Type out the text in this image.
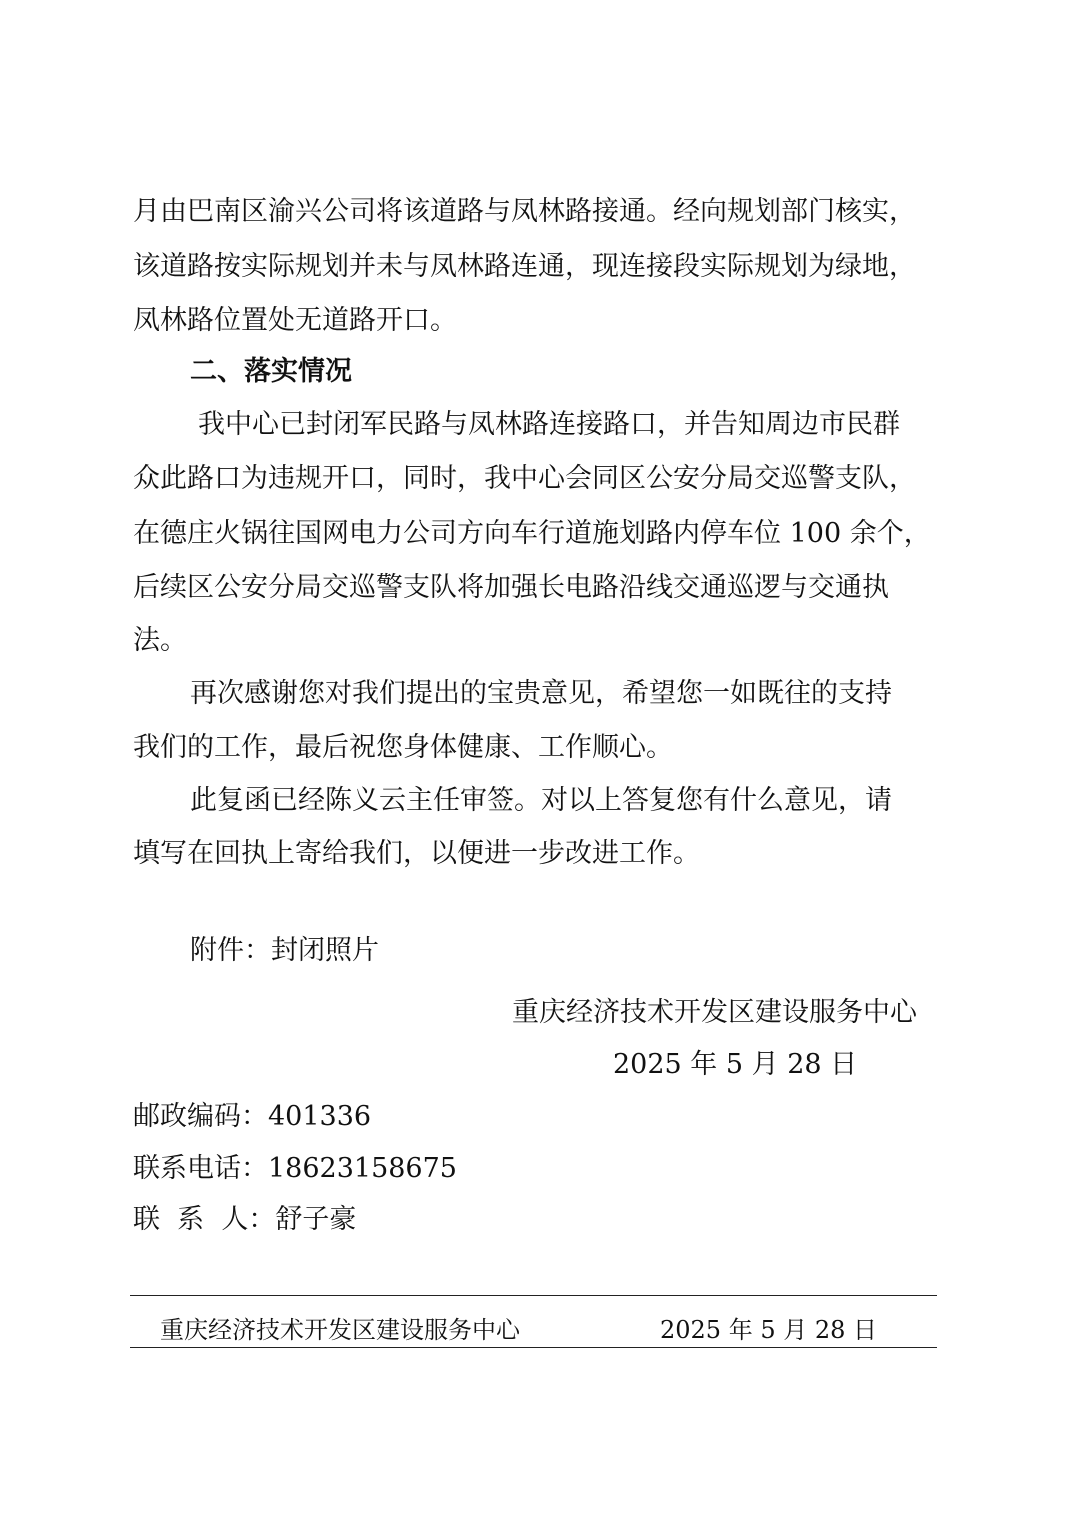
月由巴南区渝兴公司将该道路与凤林路接通。经向规划部门核实，
该道路按实际规划并未与凤林路连通，现连接段实际规划为绿地，
凤林路位置处无道路开口。
二、落实情况
我中心已封闭军民路与凤林路连接路口，并告知周边市民群
众此路口为违规开口，同时，我中心会同区公安分局交巡警支队，
在德庄火锅往国网电力公司方向车行道施划路内停车位 100 余个，
后续区公安分局交巡警支队将加强长电路沿线交通巡逻与交通执
法。
再次感谢您对我们提出的宝贵意见，希望您一如既往的支持
我们的工作，最后祝您身体健康、工作顺心。
此复函已经陈义云主任审签。对以上答复您有什么意见，请
填写在回执上寄给我们，以便进一步改进工作。
附件：封闭照片
重庆经济技术开发区建设服务中心
2025 年 5 月 28 日
邮政编码：401336
联系电话：18623158675
联  系  人：舒子豪
重庆经济技术开发区建设服务中心	2025 年 5 月 28 日
